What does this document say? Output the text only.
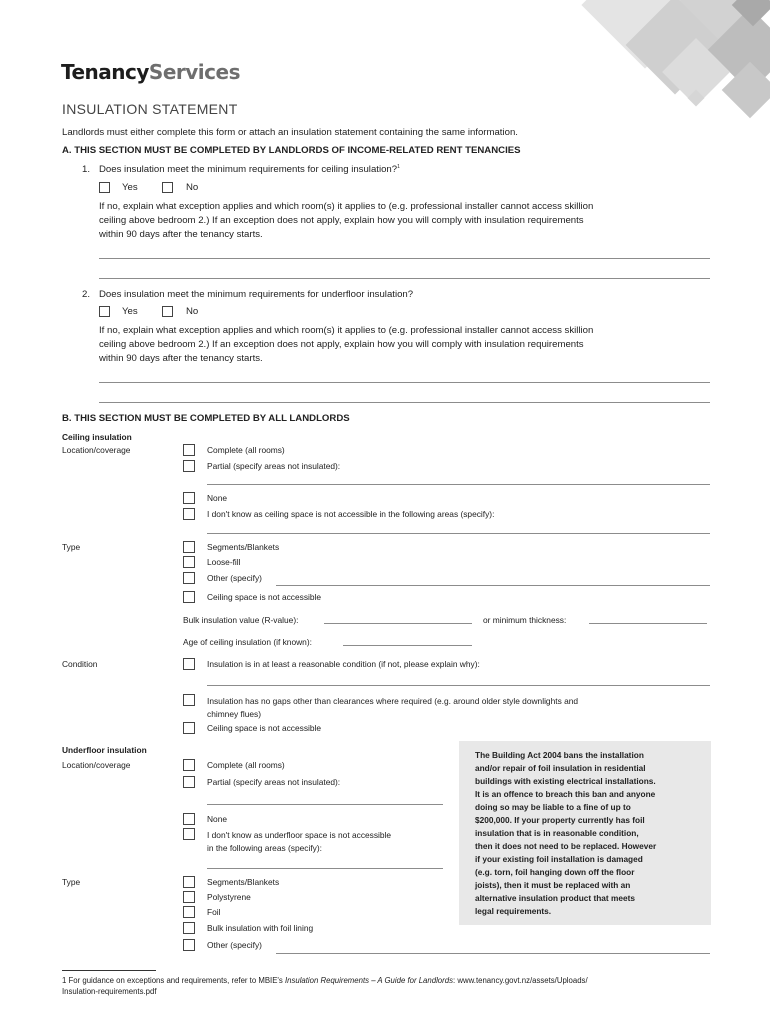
TenancyServices
INSULATION STATEMENT
Landlords must either complete this form or attach an insulation statement containing the same information.
A. THIS SECTION MUST BE COMPLETED BY LANDLORDS OF INCOME-RELATED RENT TENANCIES
1. Does insulation meet the minimum requirements for ceiling insulation?$^1$
Yes	No
If no, explain what exception applies and which room(s) it applies to (e.g. professional installer cannot access skillion
ceiling above bedroom 2.) If an exception does not apply, explain how you will comply with insulation requirements
within 90 days after the tenancy starts.
2. Does insulation meet the minimum requirements for underfloor insulation?
Yes	No
If no, explain what exception applies and which room(s) it applies to (e.g. professional installer cannot access skillion
ceiling above bedroom 2.) If an exception does not apply, explain how you will comply with insulation requirements
within 90 days after the tenancy starts.
B. THIS SECTION MUST BE COMPLETED BY ALL LANDLORDS
Ceiling insulation
Location/coverage	Complete (all rooms)
Partial (specify areas not insulated):
None
I don't know as ceiling space is not accessible in the following areas (specify):
Type	Segments/Blankets
Loose-fill
Other (specify)
Ceiling space is not accessible
Bulk insulation value (R-value):	or minimum thickness:
Age of ceiling insulation (if known):
Condition	Insulation is in at least a reasonable condition (if not, please explain why):
Insulation has no gaps other than clearances where required (e.g. around older style downlights and
chimney flues)
Ceiling space is not accessible
Underfloor insulation
Location/coverage	Complete (all rooms)
Partial (specify areas not insulated):
None
I don't know as underfloor space is not accessible
in the following areas (specify):
Type	Segments/Blankets
Polystyrene
Foil
Bulk insulation with foil lining
Other (specify)
The Building Act 2004 bans the installation
and/or repair of foil insulation in residential
buildings with existing electrical installations.
It is an offence to breach this ban and anyone
doing so may be liable to a fine of up to
$200,000. If your property currently has foil
insulation that is in reasonable condition,
then it does not need to be replaced. However
if your existing foil installation is damaged
(e.g. torn, foil hanging down off the floor
joists), then it must be replaced with an
alternative insulation product that meets
legal requirements.
1 For guidance on exceptions and requirements, refer to MBIE's Insulation Requirements – A Guide for Landlords: www.tenancy.govt.nz/assets/Uploads/
Insulation-requirements.pdf
